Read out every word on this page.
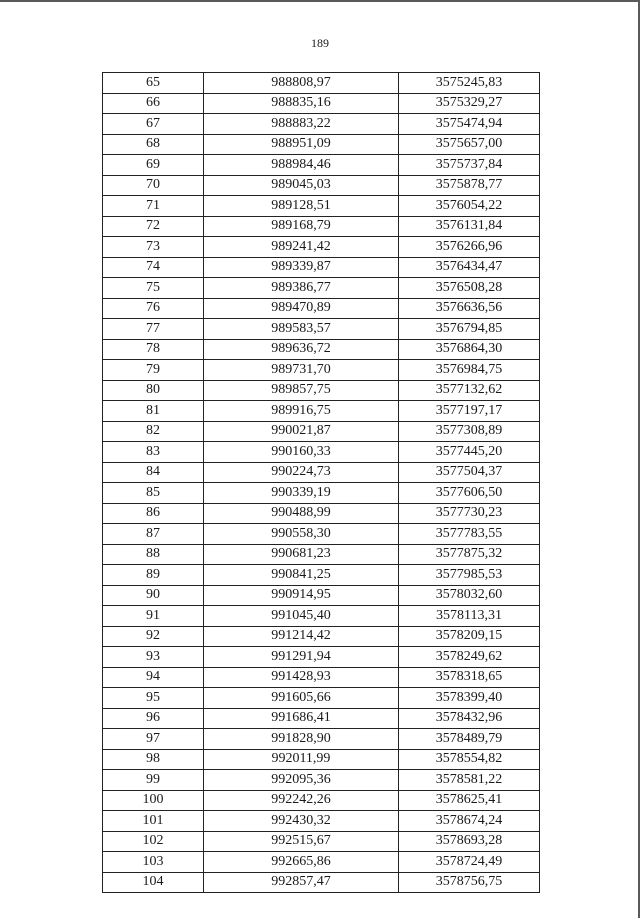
189
65	988808,97	3575245,83
66	988835,16	3575329,27
67	988883,22	3575474,94
68	988951,09	3575657,00
69	988984,46	3575737,84
70	989045,03	3575878,77
71	989128,51	3576054,22
72	989168,79	3576131,84
73	989241,42	3576266,96
74	989339,87	3576434,47
75	989386,77	3576508,28
76	989470,89	3576636,56
77	989583,57	3576794,85
78	989636,72	3576864,30
79	989731,70	3576984,75
80	989857,75	3577132,62
81	989916,75	3577197,17
82	990021,87	3577308,89
83	990160,33	3577445,20
84	990224,73	3577504,37
85	990339,19	3577606,50
86	990488,99	3577730,23
87	990558,30	3577783,55
88	990681,23	3577875,32
89	990841,25	3577985,53
90	990914,95	3578032,60
91	991045,40	3578113,31
92	991214,42	3578209,15
93	991291,94	3578249,62
94	991428,93	3578318,65
95	991605,66	3578399,40
96	991686,41	3578432,96
97	991828,90	3578489,79
98	992011,99	3578554,82
99	992095,36	3578581,22
100	992242,26	3578625,41
101	992430,32	3578674,24
102	992515,67	3578693,28
103	992665,86	3578724,49
104	992857,47	3578756,75
